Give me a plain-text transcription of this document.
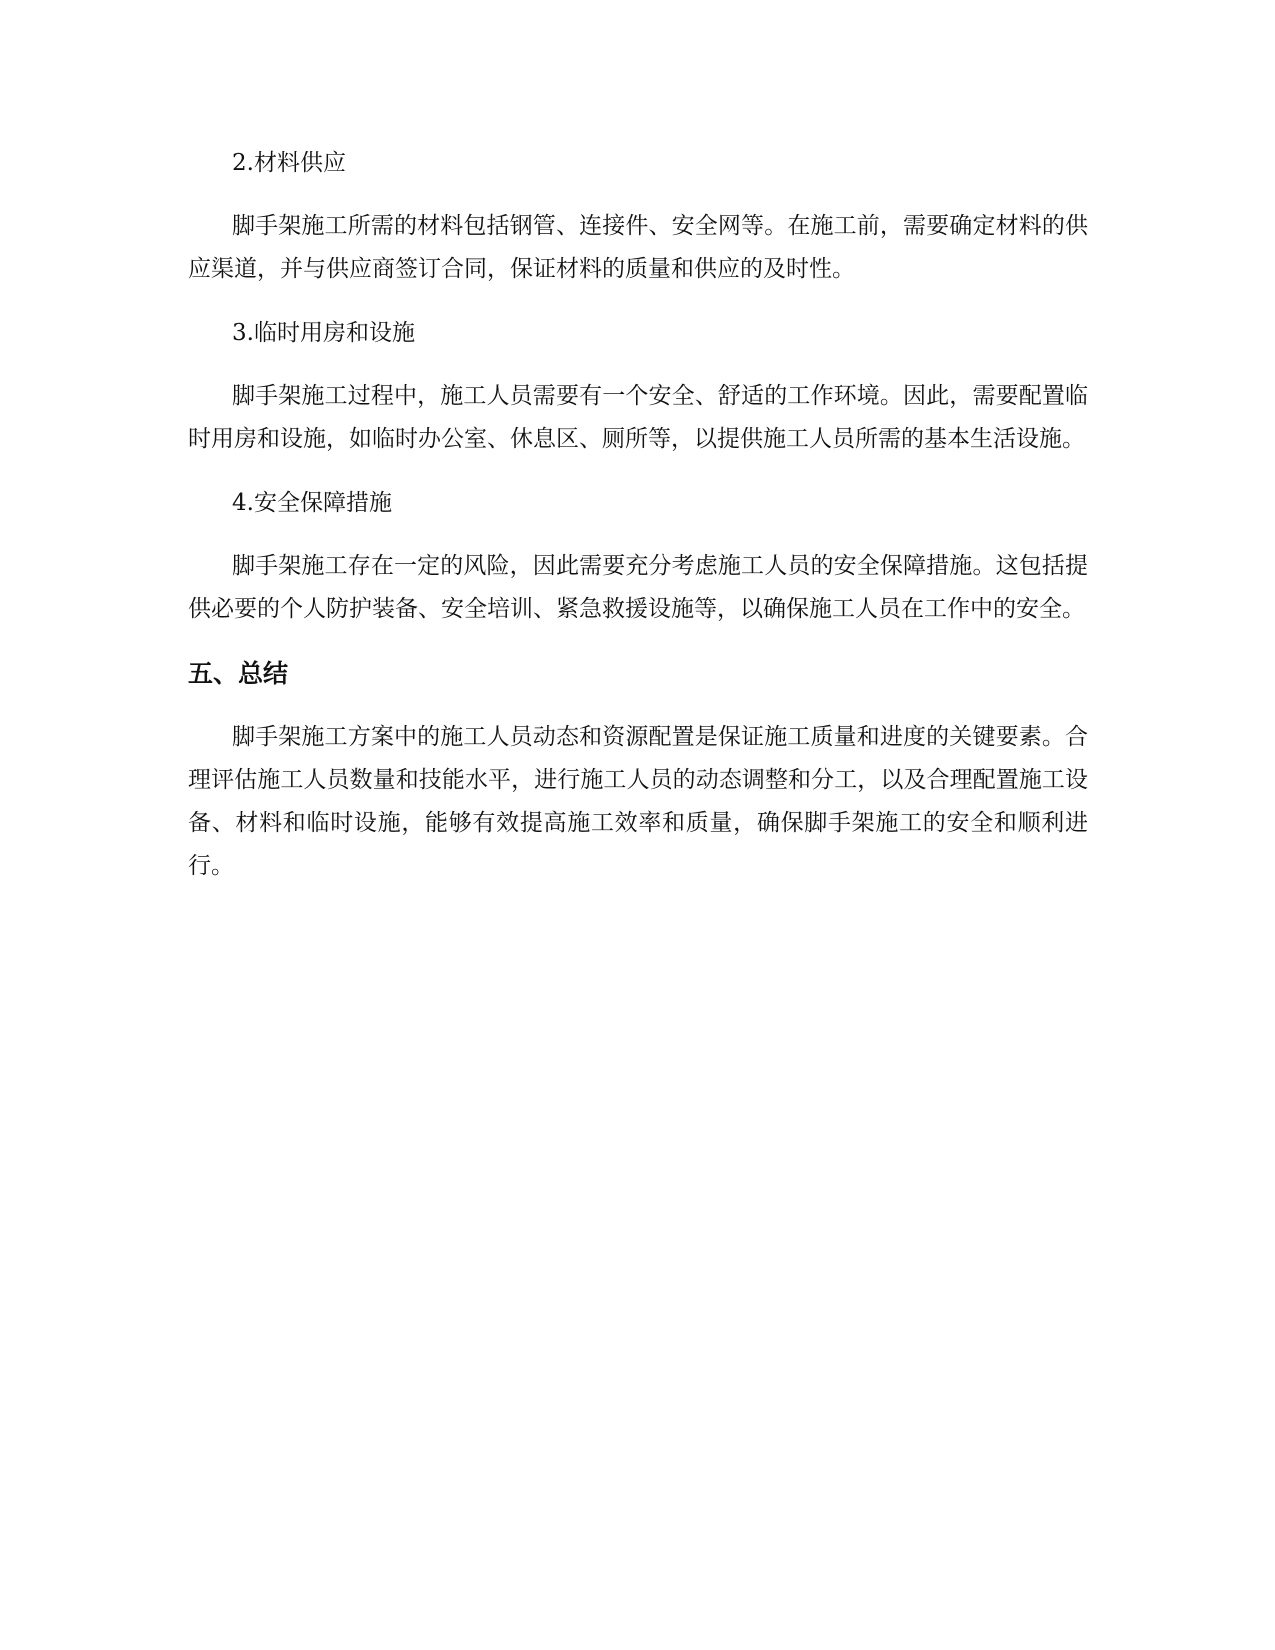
2.材料供应

脚手架施工所需的材料包括钢管、连接件、安全网等。在施工前，需要确定材料的供应渠道，并与供应商签订合同，保证材料的质量和供应的及时性。

3.临时用房和设施

脚手架施工过程中，施工人员需要有一个安全、舒适的工作环境。因此，需要配置临时用房和设施，如临时办公室、休息区、厕所等，以提供施工人员所需的基本生活设施。

4.安全保障措施

脚手架施工存在一定的风险，因此需要充分考虑施工人员的安全保障措施。这包括提供必要的个人防护装备、安全培训、紧急救援设施等，以确保施工人员在工作中的安全。

五、总结

脚手架施工方案中的施工人员动态和资源配置是保证施工质量和进度的关键要素。合理评估施工人员数量和技能水平，进行施工人员的动态调整和分工，以及合理配置施工设备、材料和临时设施，能够有效提高施工效率和质量，确保脚手架施工的安全和顺利进行。
